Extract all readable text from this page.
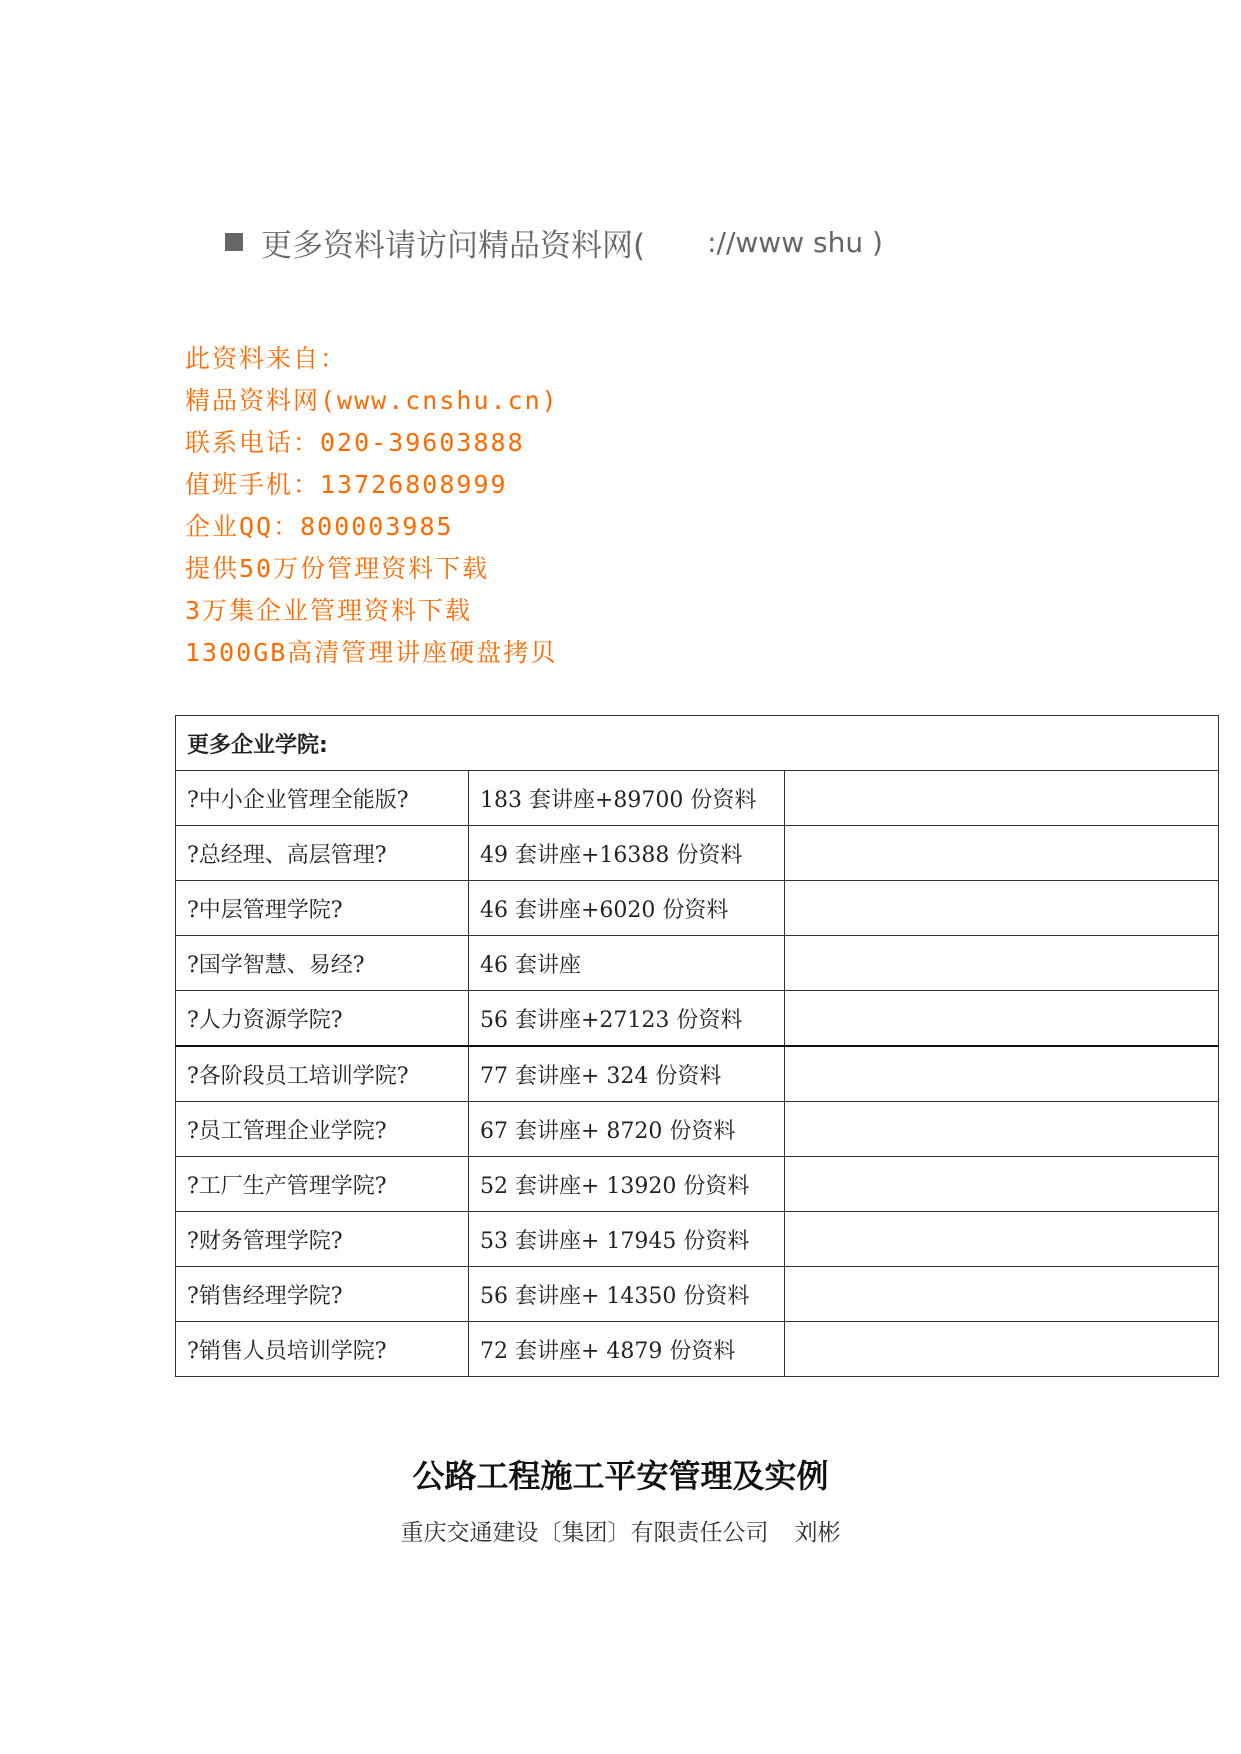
更多资料请访问精品资料网( ://www shu )
此资料来自：
精品资料网(www.cnshu.cn)
联系电话：020-39603888
值班手机：13726808999
企业QQ：800003985
提供50万份管理资料下载
3万集企业管理资料下载
1300GB高清管理讲座硬盘拷贝
更多企业学院:		
?中小企业管理全能版?	183 套讲座+89700 份资料	
?总经理、高层管理?	49 套讲座+16388 份资料	
?中层管理学院?	46 套讲座+6020 份资料	
?国学智慧、易经?	46 套讲座	
?人力资源学院?	56 套讲座+27123 份资料	
?各阶段员工培训学院?	77 套讲座+ 324 份资料	
?员工管理企业学院?	67 套讲座+ 8720 份资料	
?工厂生产管理学院?	52 套讲座+ 13920 份资料	
?财务管理学院?	53 套讲座+ 17945 份资料	
?销售经理学院?	56 套讲座+ 14350 份资料	
?销售人员培训学院?	72 套讲座+ 4879 份资料	
公路工程施工平安管理及实例
重庆交通建设〔集团〕有限责任公司 刘彬
